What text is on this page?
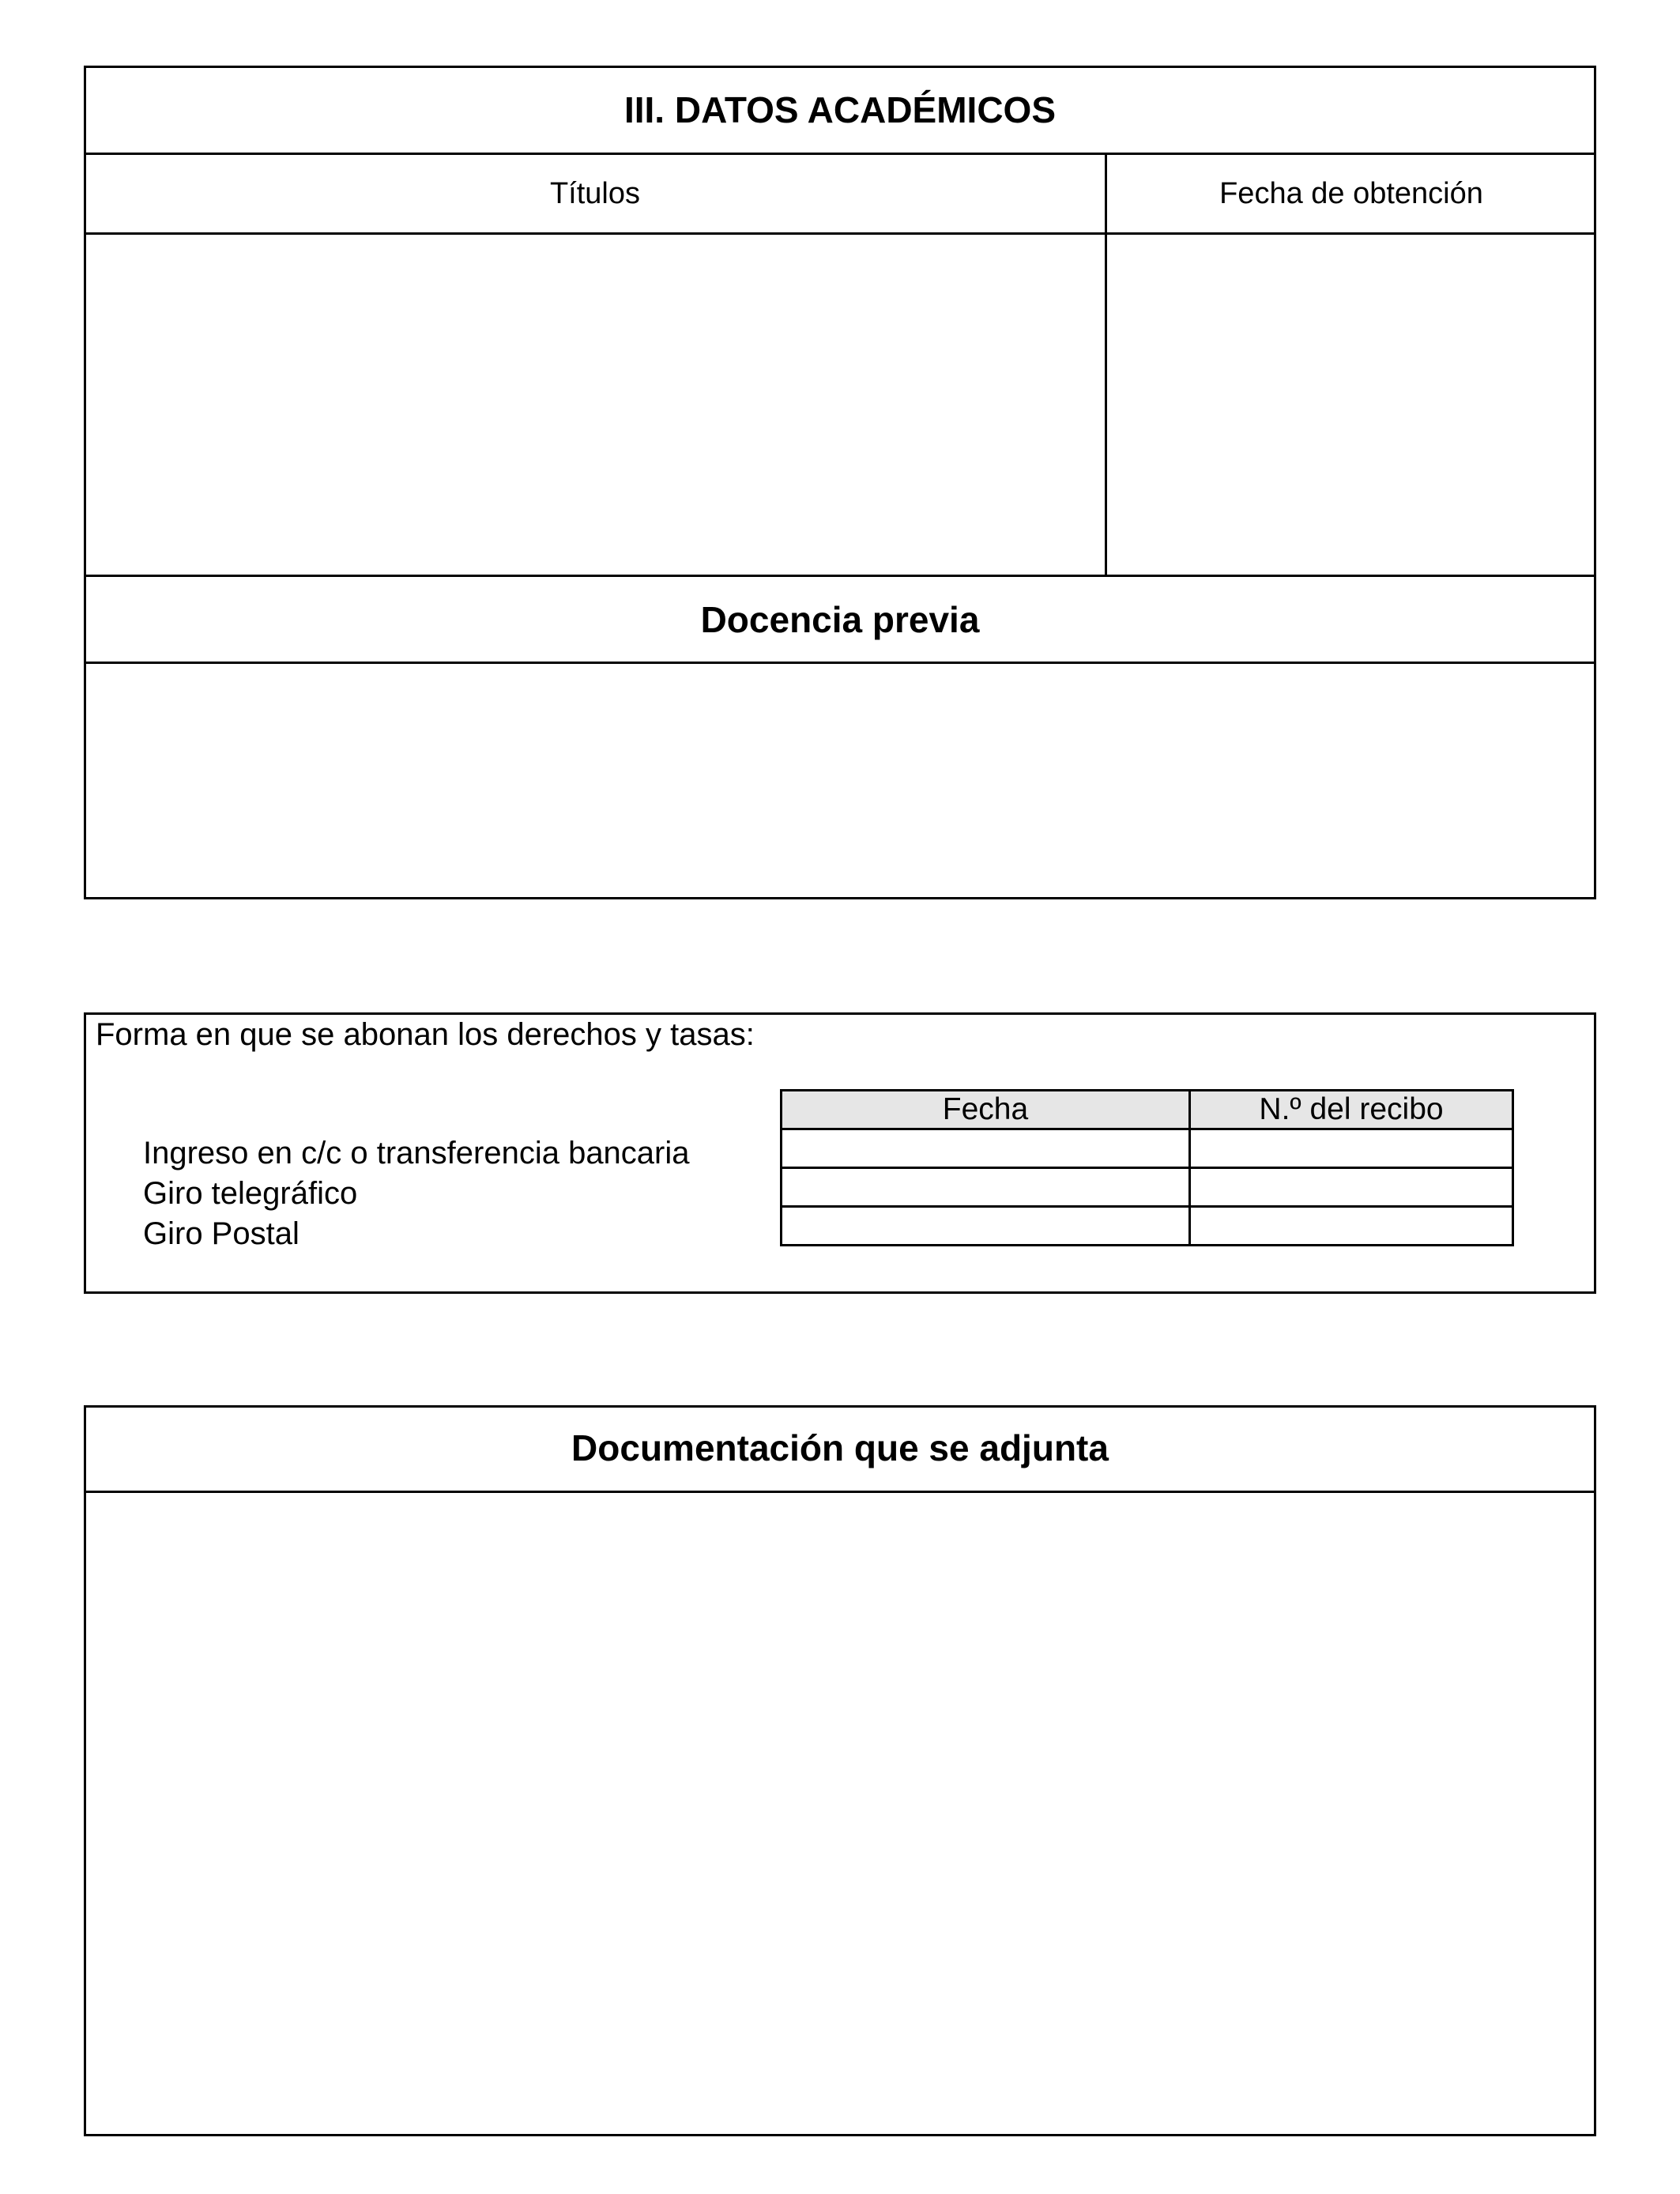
III. DATOS ACADÉMICOS
Títulos	Fecha de obtención
Docencia previa
Forma en que se abonan los derechos y tasas:
Ingreso en c/c o transferencia bancaria
Giro telegráfico
Giro Postal
Fecha	N.º del recibo

Documentación que se adjunta
